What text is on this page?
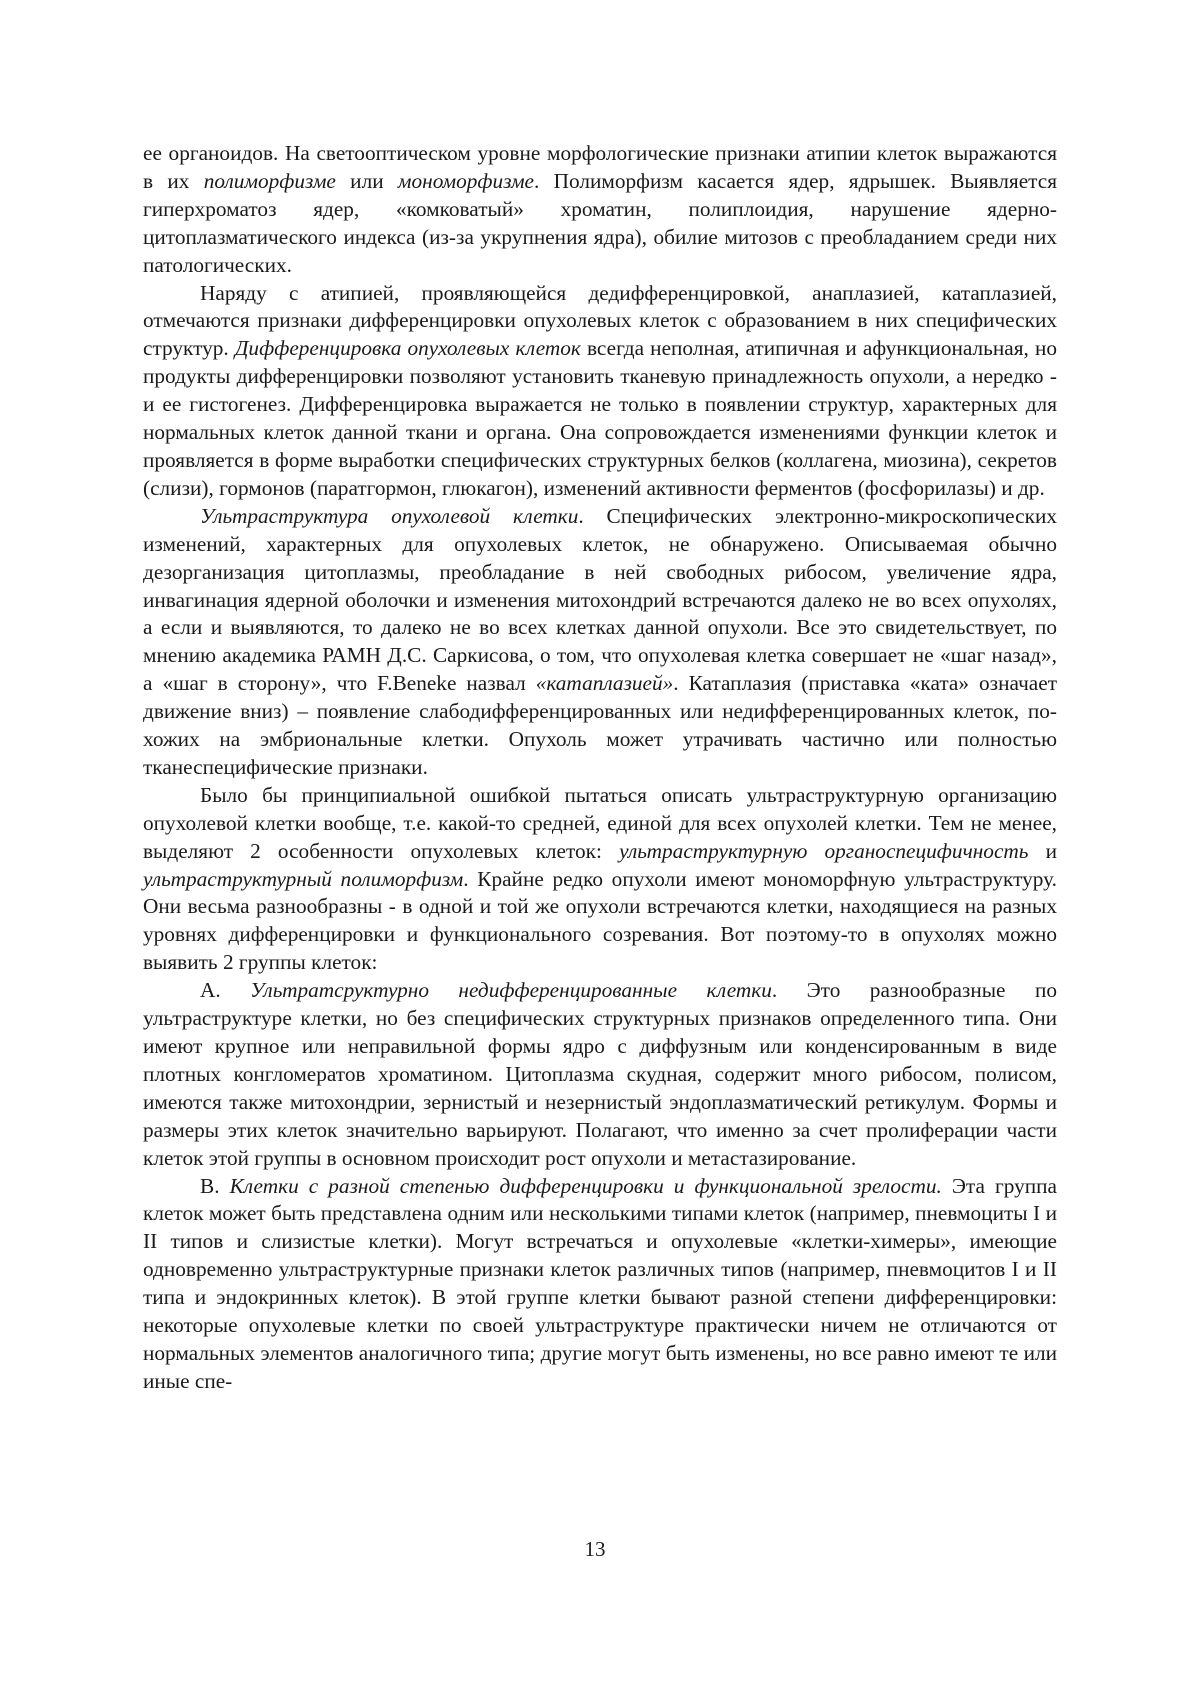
ее органоидов. На светооптическом уровне морфологические признаки атипии клеток выражаются в их полиморфизме или мономорфизме. Полиморфизм касается ядер, ядрышек. Выявляется гиперхроматоз ядер, «комковатый» хроматин, полиплоидия, нарушение ядерно-цитоплазматического индекса (из-за укрупнения ядра), обилие митозов с преобладанием среди них патологических.

Наряду с атипией, проявляющейся дедифференцировкой, анаплазией, катаплазией, отмечаются признаки дифференцировки опухолевых клеток с образованием в них специфических структур. Дифференцировка опухолевых клеток всегда неполная, атипичная и афункциональная, но продукты дифференцировки позволяют установить тканевую принадлежность опухоли, а нередко - и ее гистогенез. Дифференцировка выражается не только в появлении структур, характерных для нормальных клеток данной ткани и органа. Она сопровождается изменениями функции клеток и проявляется в форме выработки специфических структурных белков (коллагена, миозина), секретов (слизи), гормонов (паратгормон, глюкагон), изменений активности ферментов (фосфорилазы) и др.

Ультраструктура опухолевой клетки. Специфических электронно-микроскопических изменений, характерных для опухолевых клеток, не обнаружено. Описываемая обычно дезорганизация цитоплазмы, преобладание в ней свободных рибосом, увеличение ядра, инвагинация ядерной оболочки и изменения митохондрий встречаются далеко не во всех опухолях, а если и выявляются, то далеко не во всех клетках данной опухоли. Все это свидетельствует, по мнению академика РАМН Д.С. Саркисова, о том, что опухолевая клетка совершает не «шаг назад», а «шаг в сторону», что F.Beneke назвал «катаплазией». Катаплазия (приставка «ката» означает движение вниз) – появление слабодифференцированных или недифференцированных клеток, похожих на эмбриональные клетки. Опухоль может утрачивать частично или полностью тканеспецифические признаки.

Было бы принципиальной ошибкой пытаться описать ультраструктурную организацию опухолевой клетки вообще, т.е. какой-то средней, единой для всех опухолей клетки. Тем не менее, выделяют 2 особенности опухолевых клеток: ультраструктурную органоспецифичность и ультраструктурный полиморфизм. Крайне редко опухоли имеют мономорфную ультраструктуру. Они весьма разнообразны - в одной и той же опухоли встречаются клетки, находящиеся на разных уровнях дифференцировки и функционального созревания. Вот поэтому-то в опухолях можно выявить 2 группы клеток:

А. Ультратсруктурно недифференцированные клетки. Это разнообразные по ультраструктуре клетки, но без специфических структурных признаков определенного типа. Они имеют крупное или неправильной формы ядро с диффузным или конденсированным в виде плотных конгломератов хроматином. Цитоплазма скудная, содержит много рибосом, полисом, имеются также митохондрии, зернистый и незернистый эндоплазматический ретикулум. Формы и размеры этих клеток значительно варьируют. Полагают, что именно за счет пролиферации части клеток этой группы в основном происходит рост опухоли и метастазирование.

В. Клетки с разной степенью дифференцировки и функциональной зрелости. Эта группа клеток может быть представлена одним или несколькими типами клеток (например, пневмоциты I и II типов и слизистые клетки). Могут встречаться и опухолевые «клетки-химеры», имеющие одновременно ультраструктурные признаки клеток различных типов (например, пневмоцитов I и II типа и эндокринных клеток). В этой группе клетки бывают разной степени дифференцировки: некоторые опухолевые клетки по своей ультраструктуре практически ничем не отличаются от нормальных элементов аналогичного типа; другие могут быть изменены, но все равно имеют те или иные спе-

13
